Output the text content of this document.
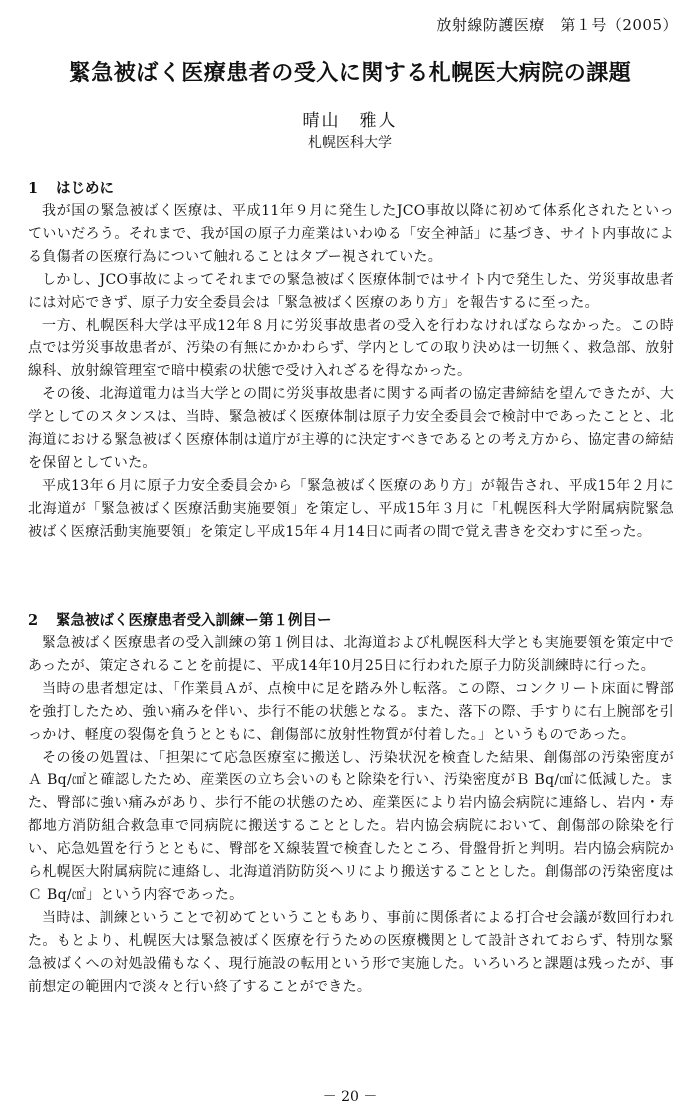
放射線防護医療　第１号（2005）
緊急被ばく医療患者の受入に関する札幌医大病院の課題
晴山　雅人
札幌医科大学

1 はじめに

我が国の緊急被ばく医療は、平成11年９月に発生したJCO事故以降に初めて体系化されたといっていいだろう。それまで、我が国の原子力産業はいわゆる「安全神話」に基づき、サイト内事故による負傷者の医療行為について触れることはタブー視されていた。

しかし、JCO事故によってそれまでの緊急被ばく医療体制ではサイト内で発生した、労災事故患者には対応できず、原子力安全委員会は「緊急被ばく医療のあり方」を報告するに至った。

一方、札幌医科大学は平成12年８月に労災事故患者の受入を行わなければならなかった。この時点では労災事故患者が、汚染の有無にかかわらず、学内としての取り決めは一切無く、救急部、放射線科、放射線管理室で暗中模索の状態で受け入れざるを得なかった。

その後、北海道電力は当大学との間に労災事故患者に関する両者の協定書締結を望んできたが、大学としてのスタンスは、当時、緊急被ばく医療体制は原子力安全委員会で検討中であったことと、北海道における緊急被ばく医療体制は道庁が主導的に決定すべきであるとの考え方から、協定書の締結を保留としていた。

平成13年６月に原子力安全委員会から「緊急被ばく医療のあり方」が報告され、平成15年２月に北海道が「緊急被ばく医療活動実施要領」を策定し、平成15年３月に「札幌医科大学附属病院緊急被ばく医療活動実施要領」を策定し平成15年４月14日に両者の間で覚え書きを交わすに至った。

2 緊急被ばく医療患者受入訓練ー第１例目ー

緊急被ばく医療患者の受入訓練の第１例目は、北海道および札幌医科大学とも実施要領を策定中であったが、策定されることを前提に、平成14年10月25日に行われた原子力防災訓練時に行った。

当時の患者想定は、「作業員Ａが、点検中に足を踏み外し転落。この際、コンクリート床面に臀部を強打したため、強い痛みを伴い、歩行不能の状態となる。また、落下の際、手すりに右上腕部を引っかけ、軽度の裂傷を負うとともに、創傷部に放射性物質が付着した。」というものであった。

その後の処置は、「担架にて応急医療室に搬送し、汚染状況を検査した結果、創傷部の汚染密度がＡ Bq/㎠と確認したため、産業医の立ち会いのもと除染を行い、汚染密度がＢ Bq/㎠に低減した。また、臀部に強い痛みがあり、歩行不能の状態のため、産業医により岩内協会病院に連絡し、岩内・寿都地方消防組合救急車で同病院に搬送することとした。岩内協会病院において、創傷部の除染を行い、応急処置を行うとともに、臀部をＸ線装置で検査したところ、骨盤骨折と判明。岩内協会病院から札幌医大附属病院に連絡し、北海道消防防災ヘリにより搬送することとした。創傷部の汚染密度はＣ Bq/㎠」という内容であった。

当時は、訓練ということで初めてということもあり、事前に関係者による打合せ会議が数回行われた。もとより、札幌医大は緊急被ばく医療を行うための医療機関として設計されておらず、特別な緊急被ばくへの対処設備もなく、現行施設の転用という形で実施した。いろいろと課題は残ったが、事前想定の範囲内で淡々と行い終了することができた。

－ 20 －
